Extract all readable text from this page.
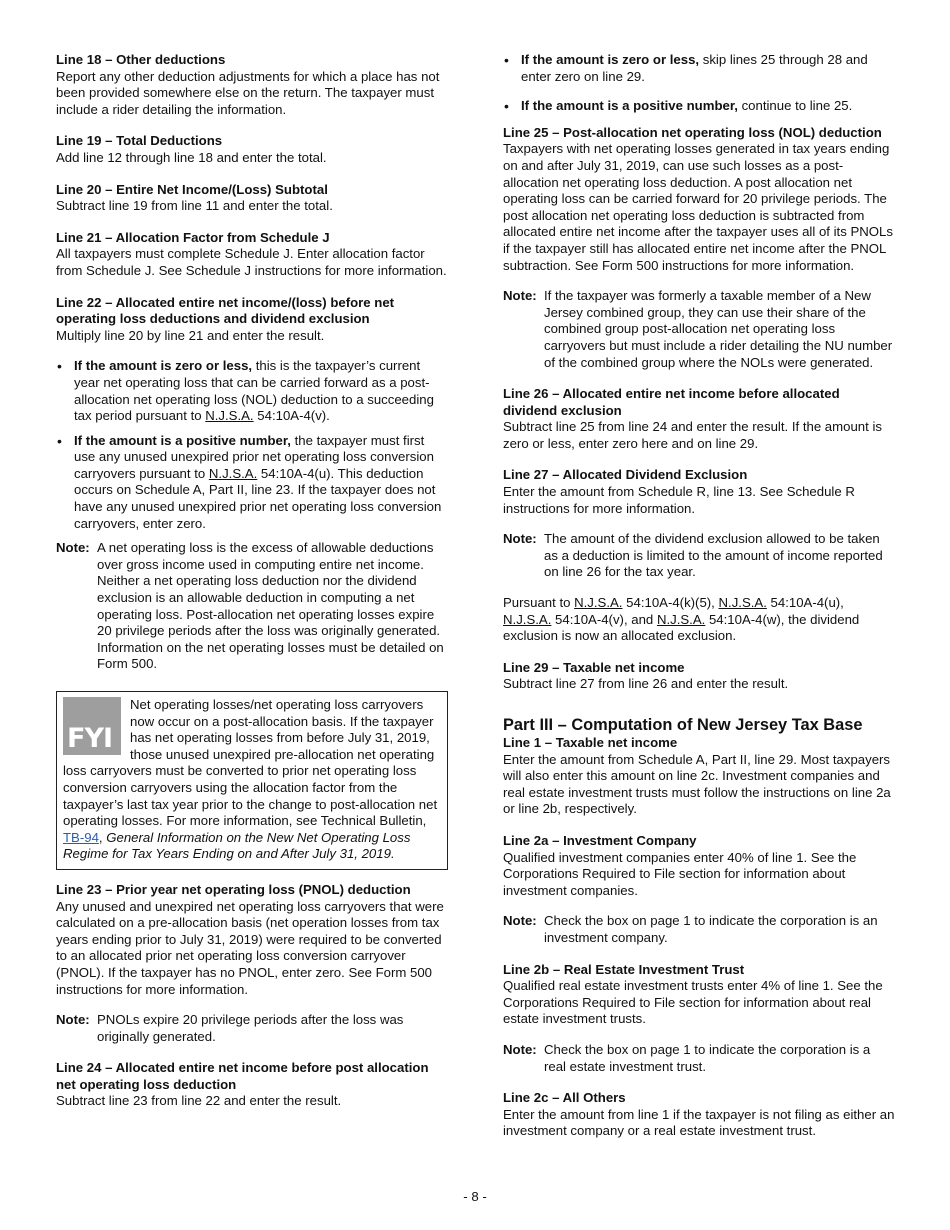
Line 18 – Other deductions

Report any other deduction adjustments for which a place has not been provided somewhere else on the return. The taxpayer must include a rider detailing the information.

Line 19 – Total Deductions

Add line 12 through line 18 and enter the total.

Line 20 – Entire Net Income/(Loss) Subtotal

Subtract line 19 from line 11 and enter the total.

Line 21 – Allocation Factor from Schedule J

All taxpayers must complete Schedule J. Enter allocation factor from Schedule J. See Schedule J instructions for more information.

Line 22 – Allocated entire net income/(loss) before net operating loss deductions and dividend exclusion

Multiply line 20 by line 21 and enter the result.

• If the amount is zero or less, this is the taxpayer’s current year net operating loss that can be carried forward as a post-allocation net operating loss (NOL) deduction to a succeeding tax period pursuant to N.J.S.A. 54:10A-4(v).
• If the amount is a positive number, the taxpayer must first use any unused unexpired prior net operating loss conversion carryovers pursuant to N.J.S.A. 54:10A-4(u). This deduction occurs on Schedule A, Part II, line 23. If the taxpayer does not have any unused unexpired prior net operating loss conversion carryovers, enter zero.
Note: A net operating loss is the excess of allowable deductions over gross income used in computing entire net income. Neither a net operating loss deduction nor the dividend exclusion is an allowable deduction in computing a net operating loss. Post-allocation net operating losses expire 20 privilege periods after the loss was originally generated. Information on the net operating losses must be detailed on Form 500.
FYI
Net operating losses/net operating loss carryovers now occur on a post-allocation basis. If the taxpayer has net operating losses from before July 31, 2019, those unused unexpired pre-allocation net operating loss carryovers must be converted to prior net operating loss conversion carryovers using the allocation factor from the taxpayer’s last tax year prior to the change to post-allocation net operating losses. For more information, see Technical Bulletin, TB-94, General Information on the New Net Operating Loss Regime for Tax Years Ending on and After July 31, 2019.

Line 23 – Prior year net operating loss (PNOL) deduction

Any unused and unexpired net operating loss carryovers that were calculated on a pre-allocation basis (net operation losses from tax years ending prior to July 31, 2019) were required to be converted to an allocated prior net operating loss conversion carryover (PNOL). If the taxpayer has no PNOL, enter zero. See Form 500 instructions for more information.

Note: PNOLs expire 20 privilege periods after the loss was originally generated.

Line 24 – Allocated entire net income before post allocation net operating loss deduction

Subtract line 23 from line 22 and enter the result.

• If the amount is zero or less, skip lines 25 through 28 and enter zero on line 29.
• If the amount is a positive number, continue to line 25.

Line 25 – Post-allocation net operating loss (NOL) deduction

Taxpayers with net operating losses generated in tax years ending on and after July 31, 2019, can use such losses as a post-allocation net operating loss deduction. A post allocation net operating loss can be carried forward for 20 privilege periods. The post allocation net operating loss deduction is subtracted from allocated entire net income after the taxpayer uses all of its PNOLs if the taxpayer still has allocated entire net income after the PNOL subtraction. See Form 500 instructions for more information.

Note: If the taxpayer was formerly a taxable member of a New Jersey combined group, they can use their share of the combined group post-allocation net operating loss carryovers but must include a rider detailing the NU number of the combined group where the NOLs were generated.

Line 26 – Allocated entire net income before allocated dividend exclusion

Subtract line 25 from line 24 and enter the result. If the amount is zero or less, enter zero here and on line 29.

Line 27 – Allocated Dividend Exclusion

Enter the amount from Schedule R, line 13. See Schedule R instructions for more information.

Note: The amount of the dividend exclusion allowed to be taken as a deduction is limited to the amount of income reported on line 26 for the tax year.

Pursuant to N.J.S.A. 54:10A-4(k)(5), N.J.S.A. 54:10A-4(u), N.J.S.A. 54:10A-4(v), and N.J.S.A. 54:10A-4(w), the dividend exclusion is now an allocated exclusion.

Line 29 – Taxable net income

Subtract line 27 from line 26 and enter the result.

Part III – Computation of New Jersey Tax Base

Line 1 – Taxable net income

Enter the amount from Schedule A, Part II, line 29. Most taxpayers will also enter this amount on line 2c. Investment companies and real estate investment trusts must follow the instructions on line 2a or line 2b, respectively.

Line 2a – Investment Company

Qualified investment companies enter 40% of line 1. See the Corporations Required to File section for information about investment companies.

Note: Check the box on page 1 to indicate the corporation is an investment company.

Line 2b – Real Estate Investment Trust

Qualified real estate investment trusts enter 4% of line 1. See the Corporations Required to File section for information about real estate investment trusts.

Note: Check the box on page 1 to indicate the corporation is a real estate investment trust.

Line 2c – All Others

Enter the amount from line 1 if the taxpayer is not filing as either an investment company or a real estate investment trust.

- 8 -
